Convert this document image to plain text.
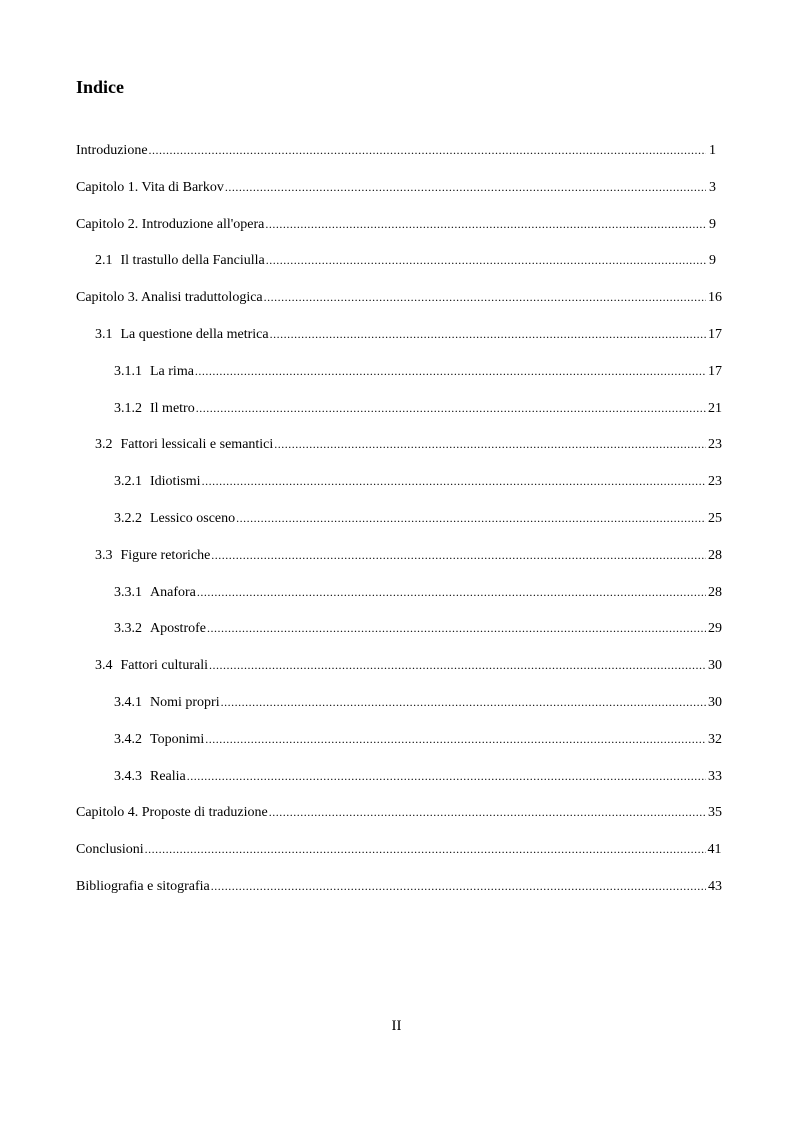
Indice
Introduzione .....	1
Capitolo 1. Vita di Barkov .....	3
Capitolo 2. Introduzione all'opera .....	9
2.1 Il trastullo della Fanciulla .....	9
Capitolo 3. Analisi traduttologica .....	16
3.1 La questione della metrica .....	17
3.1.1 La rima .....	17
3.1.2 Il metro .....	21
3.2 Fattori lessicali e semantici .....	23
3.2.1 Idiotismi .....	23
3.2.2 Lessico osceno .....	25
3.3 Figure retoriche .....	28
3.3.1 Anafora .....	28
3.3.2 Apostrofe .....	29
3.4 Fattori culturali .....	30
3.4.1 Nomi propri .....	30
3.4.2 Toponimi .....	32
3.4.3 Realia .....	33
Capitolo 4. Proposte di traduzione .....	35
Conclusioni .....	41
Bibliografia e sitografia .....	43

II
